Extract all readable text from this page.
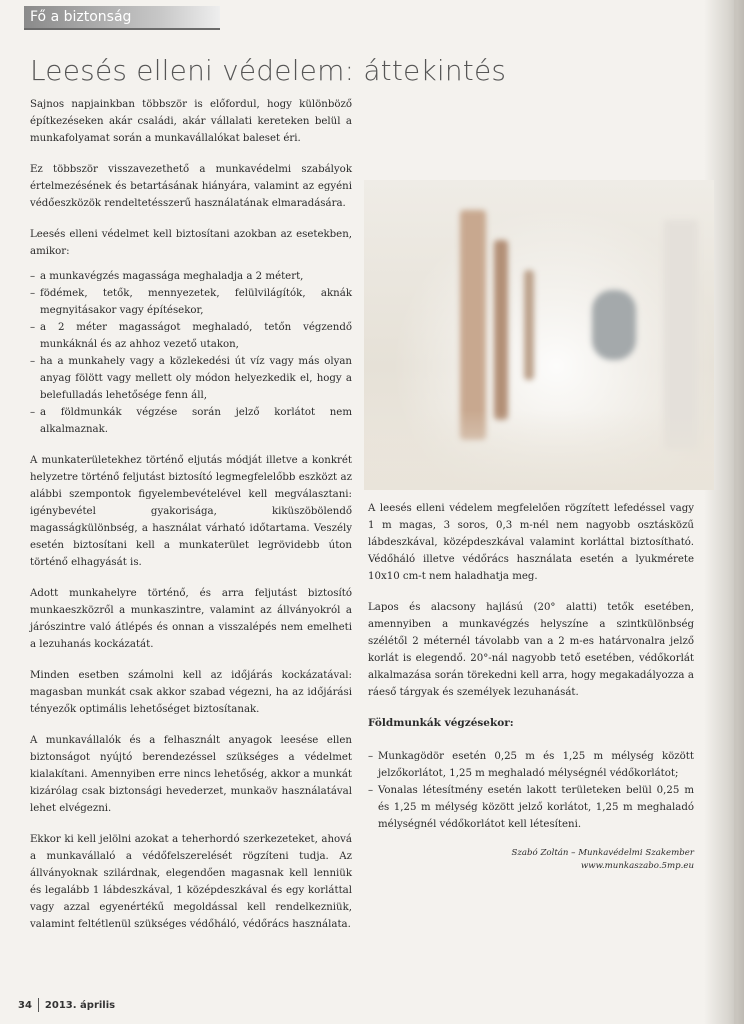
Fő a biztonság
Leesés elleni védelem: áttekintés

Sajnos napjainkban többször is előfordul, hogy különböző építkezéseken akár családi, akár vállalati kereteken belül a munkafolyamat során a munkavállalókat baleset éri.

Ez többször visszavezethető a munkavédelmi szabályok értelmezésének és betartásának hiányára, valamint az egyéni védőeszközök rendeltetésszerű használatának elmaradására.

Leesés elleni védelmet kell biztosítani azokban az esetekben, amikor:

– a munkavégzés magassága meghaladja a 2 métert,
– födémek, tetők, mennyezetek, felülvilágítók, aknák megnyitásakor vagy építésekor,
– a 2 méter magasságot meghaladó, tetőn végzendő munkáknál és az ahhoz vezető utakon,
– ha a munkahely vagy a közlekedési út víz vagy más olyan anyag fölött vagy mellett oly módon helyezkedik el, hogy a belefulladás lehetősége fenn áll,
– a földmunkák végzése során jelző korlátot nem alkalmaznak.

A munkaterületekhez történő eljutás módját illetve a konkrét helyzetre történő feljutást biztosító legmegfelelőbb eszközt az alábbi szempontok figyelembevételével kell megválasztani: igénybevétel gyakorisága, kiküszöbölendő magasságkülönbség, a használat várható időtartama. Veszély esetén biztosítani kell a munkaterület legrövidebb úton történő elhagyását is.

Adott munkahelyre történő, és arra feljutást biztosító munkaeszközről a munkaszintre, valamint az állványokról a járószintre való átlépés és onnan a visszalépés nem emelheti a lezuhanás kockázatát.

Minden esetben számolni kell az időjárás kockázatával: magasban munkát csak akkor szabad végezni, ha az időjárási tényezők optimális lehetőséget biztosítanak.

A munkavállalók és a felhasznált anyagok leesése ellen biztonságot nyújtó berendezéssel szükséges a védelmet kialakítani. Amennyiben erre nincs lehetőség, akkor a munkát kizárólag csak biztonsági hevederzet, munkaöv használatával lehet elvégezni.

Ekkor ki kell jelölni azokat a teherhordó szerkezeteket, ahová a munkavállaló a védőfelszerelését rögzíteni tudja. Az állványoknak szilárdnak, elegendően magasnak kell lenniük és legalább 1 lábdeszkával, 1 középdeszkával és egy korláttal vagy azzal egyenértékű megoldással kell rendelkezniük, valamint feltétlenül szükséges védőháló, védőrács használata.

A leesés elleni védelem megfelelően rögzített lefedéssel vagy 1 m magas, 3 soros, 0,3 m-nél nem nagyobb osztásközű lábdeszkával, középdeszkával valamint korláttal biztosítható. Védőháló illetve védőrács használata esetén a lyukmérete 10x10 cm-t nem haladhatja meg.

Lapos és alacsony hajlású (20° alatti) tetők esetében, amennyiben a munkavégzés helyszíne a szintkülönbség szélétől 2 méternél távolabb van a 2 m-es határvonalra jelző korlát is elegendő. 20°-nál nagyobb tető esetében, védőkorlát alkalmazása során törekedni kell arra, hogy megakadályozza a ráeső tárgyak és személyek lezuhanását.

Földmunkák végzésekor:
– Munkagödör esetén 0,25 m és 1,25 m mélység között jelzőkorlátot, 1,25 m meghaladó mélységnél védőkorlátot;
– Vonalas létesítmény esetén lakott területeken belül 0,25 m és 1,25 m mélység között jelző korlátot, 1,25 m meghaladó mélységnél védőkorlátot kell létesíteni.
Szabó Zoltán – Munkavédelmi Szakember
www.munkaszabo.5mp.eu
34 2013. április
